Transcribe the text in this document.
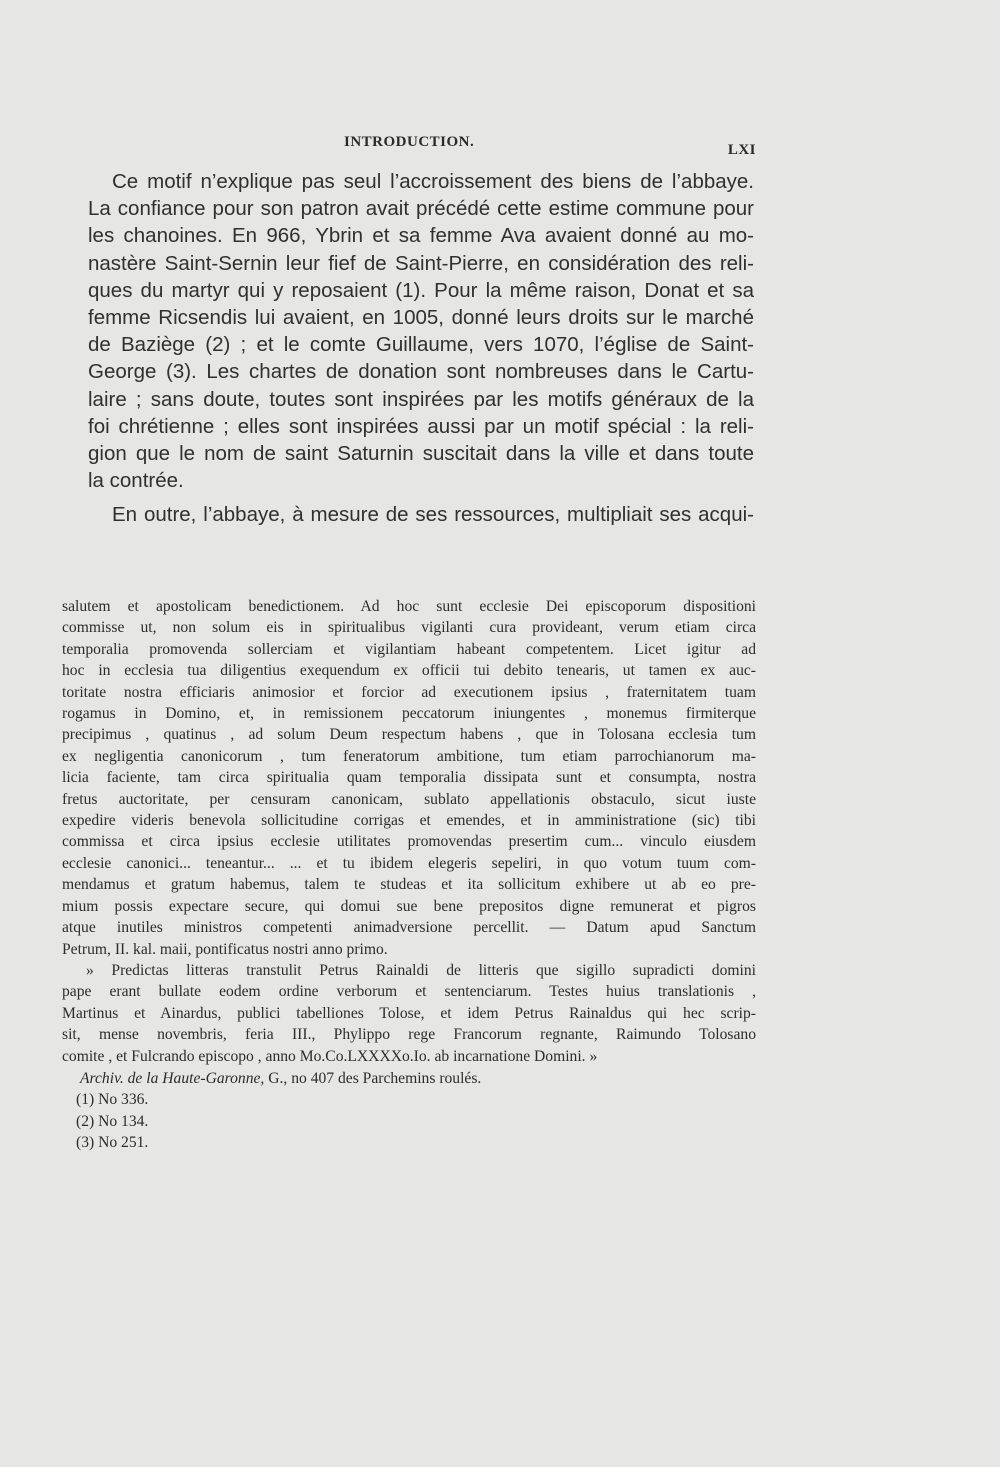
INTRODUCTION.	LXI

Ce motif n’explique pas seul l’accroissement des biens de l’abbaye.
La confiance pour son patron avait précédé cette estime commune pour
les chanoines. En 966, Ybrin et sa femme Ava avaient donné au mo-
nastère Saint-Sernin leur fief de Saint-Pierre, en considération des reli-
ques du martyr qui y reposaient (1). Pour la même raison, Donat et sa
femme Ricsendis lui avaient, en 1005, donné leurs droits sur le marché
de Baziège (2) ; et le comte Guillaume, vers 1070, l’église de Saint-
George (3). Les chartes de donation sont nombreuses dans le Cartu-
laire ; sans doute, toutes sont inspirées par les motifs généraux de la
foi chrétienne ; elles sont inspirées aussi par un motif spécial : la reli-
gion que le nom de saint Saturnin suscitait dans la ville et dans toute
la contrée.

En outre, l’abbaye, à mesure de ses ressources, multipliait ses acqui-

salutem et apostolicam benedictionem. Ad hoc sunt ecclesie Dei episcoporum dispositioni
commisse ut, non solum eis in spiritualibus vigilanti cura provideant, verum etiam circa
temporalia promovenda sollerciam et vigilantiam habeant competentem. Licet igitur ad
hoc in ecclesia tua diligentius exequendum ex officii tui debito tenearis, ut tamen ex auc-
toritate nostra efficiaris animosior et forcior ad executionem ipsius , fraternitatem tuam
rogamus in Domino, et, in remissionem peccatorum iniungentes , monemus firmiterque
precipimus , quatinus , ad solum Deum respectum habens , que in Tolosana ecclesia tum
ex negligentia canonicorum , tum feneratorum ambitione, tum etiam parrochianorum ma-
licia faciente, tam circa spiritualia quam temporalia dissipata sunt et consumpta, nostra
fretus auctoritate, per censuram canonicam, sublato appellationis obstaculo, sicut iuste
expedire videris benevola sollicitudine corrigas et emendes, et in amministratione (sic) tibi
commissa et circa ipsius ecclesie utilitates promovendas presertim cum... vinculo eiusdem
ecclesie canonici... teneantur... ... et tu ibidem elegeris sepeliri, in quo votum tuum com-
mendamus et gratum habemus, talem te studeas et ita sollicitum exhibere ut ab eo pre-
mium possis expectare secure, qui domui sue bene prepositos digne remunerat et pigros
atque inutiles ministros competenti animadversione percellit. — Datum apud Sanctum
Petrum, II. kal. maii, pontificatus nostri anno primo.
» Predictas litteras transtulit Petrus Rainaldi de litteris que sigillo supradicti domini
pape erant bullate eodem ordine verborum et sentenciarum. Testes huius translationis ,
Martinus et Ainardus, publici tabelliones Tolose, et idem Petrus Rainaldus qui hec scrip-
sit, mense novembris, feria III., Phylippo rege Francorum regnante, Raimundo Tolosano
comite , et Fulcrando episcopo , anno Mo.Co.LXXXXo.Io. ab incarnatione Domini. »
Archiv. de la Haute-Garonne, G., no 407 des Parchemins roulés.
(1) No 336.
(2) No 134.
(3) No 251.
